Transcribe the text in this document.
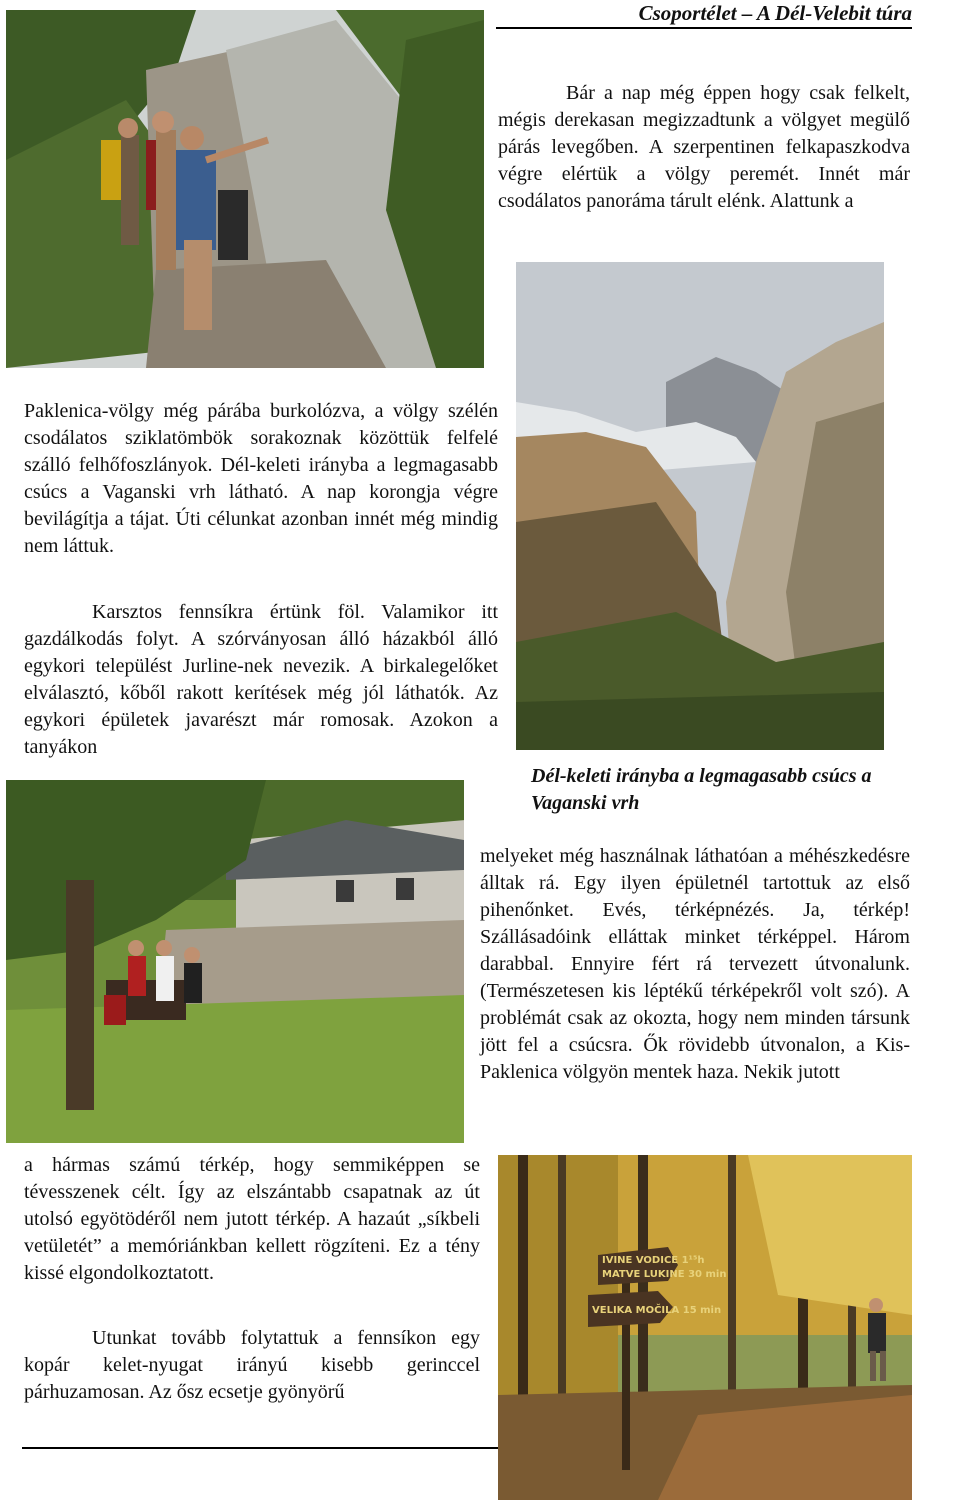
Csoportélet – A Dél-Velebit túra

Bár a nap még éppen hogy csak felkelt, mégis derekasan megizzadtunk a völgyet megülő párás levegőben. A szerpentinen felkapaszkodva végre elértük a völgy peremét. Innét már csodálatos panoráma tárult elénk. Alattunk a

Paklenica-völgy még párába burkolózva, a völgy szélén csodálatos sziklatömbök sorakoznak közöttük felfelé szálló felhőfoszlányok. Dél-keleti irányba a legmagasabb csúcs a Vaganski vrh látható. A nap korongja végre bevilágítja a tájat. Úti célunkat azonban innét még mindig nem láttuk.

Karsztos fennsíkra értünk föl. Valamikor itt gazdálkodás folyt. A szórványosan álló házakból álló egykori települést Jurline-nek nevezik. A birkalegelőket elválasztó, kőből rakott kerítések még jól láthatók. Az egykori épületek javarészt már romosak. Azokon a tanyákon

Dél-keleti irányba a legmagasabb csúcs a Vaganski vrh

melyeket még használnak láthatóan a méhészkedésre álltak rá. Egy ilyen épületnél tartottuk az első pihenőnket. Evés, térképnézés. Ja, térkép! Szállásadóink elláttak minket térképpel. Három darabbal. Ennyire fért rá tervezett útvonalunk.(Természetesen kis léptékű térképekről volt szó). A problémát csak az okozta, hogy nem minden társunk jött fel a csúcsra. Ők rövidebb útvonalon, a Kis-Paklenica völgyön mentek haza. Nekik jutott

a hármas számú térkép, hogy semmiképpen se tévesszenek célt. Így az elszántabb csapatnak az út utolsó egyötödéről nem jutott térkép. A hazaút „síkbeli vetületét” a memóriánkban kellett rögzíteni. Ez a tény kissé elgondolkoztatott.

IVINE VODICE 1¹⁵h
MATVE LUKINE 30 min
VELIKA MOČILA 15 min

Utunkat tovább folytattuk a fennsíkon egy kopár kelet-nyugat irányú kisebb gerinccel párhuzamosan. Az ősz ecsetje gyönyörű
